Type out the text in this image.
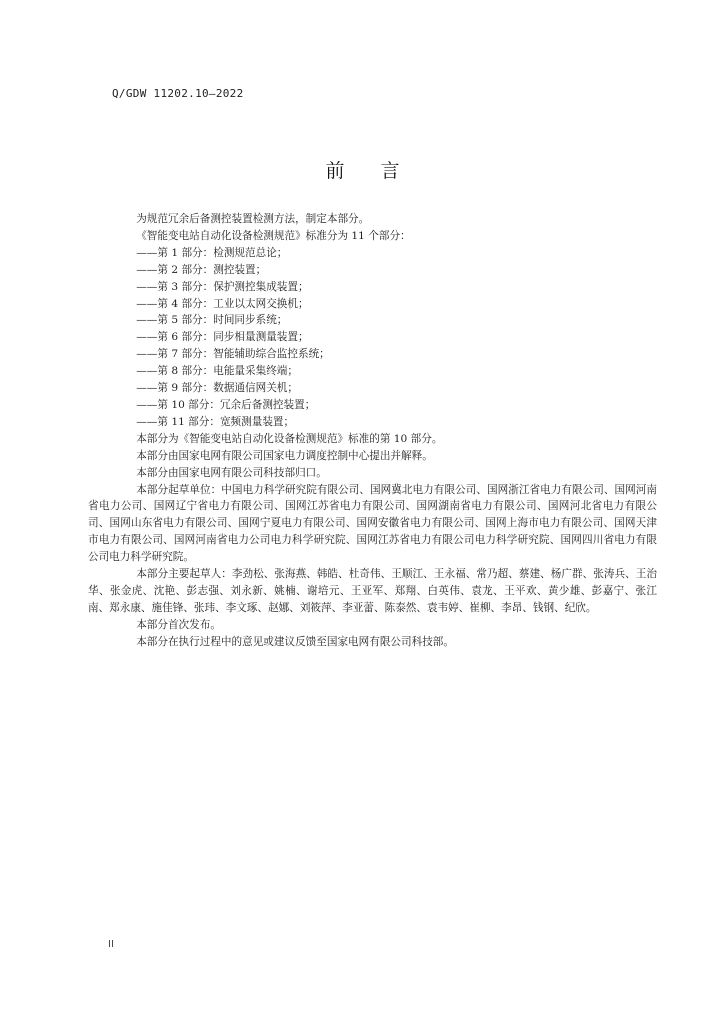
Q/GDW 11202.10—2022
前 言

为规范冗余后备测控装置检测方法，制定本部分。

《智能变电站自动化设备检测规范》标准分为 11 个部分：

——第 1 部分：检测规范总论；

——第 2 部分：测控装置；

——第 3 部分：保护测控集成装置；

——第 4 部分：工业以太网交换机；

——第 5 部分：时间同步系统；

——第 6 部分：同步相量测量装置；

——第 7 部分：智能辅助综合监控系统；

——第 8 部分：电能量采集终端；

——第 9 部分：数据通信网关机；

——第 10 部分：冗余后备测控装置；

——第 11 部分：宽频测量装置；

本部分为《智能变电站自动化设备检测规范》标准的第 10 部分。

本部分由国家电网有限公司国家电力调度控制中心提出并解释。

本部分由国家电网有限公司科技部归口。

本部分起草单位：中国电力科学研究院有限公司、国网冀北电力有限公司、国网浙江省电力有限公司、国网河南省电力公司、国网辽宁省电力有限公司、国网江苏省电力有限公司、国网湖南省电力有限公司、国网河北省电力有限公司、国网山东省电力有限公司、国网宁夏电力有限公司、国网安徽省电力有限公司、国网上海市电力有限公司、国网天津市电力有限公司、国网河南省电力公司电力科学研究院、国网江苏省电力有限公司电力科学研究院、国网四川省电力有限公司电力科学研究院。

本部分主要起草人：李劲松、张海燕、韩皓、杜奇伟、王顺江、王永福、常乃超、蔡建、杨广群、张涛兵、王治华、张金虎、沈艳、彭志强、刘永新、姚楠、谢培元、王亚军、郑翔、白英伟、袁龙、王平欢、黄少雄、彭嘉宁、张江南、郑永康、施佳锋、张玮、李文琢、赵娜、刘筱萍、李亚蕾、陈泰然、袁韦婷、崔柳、李昂、钱钢、纪欣。

本部分首次发布。

本部分在执行过程中的意见或建议反馈至国家电网有限公司科技部。

II
